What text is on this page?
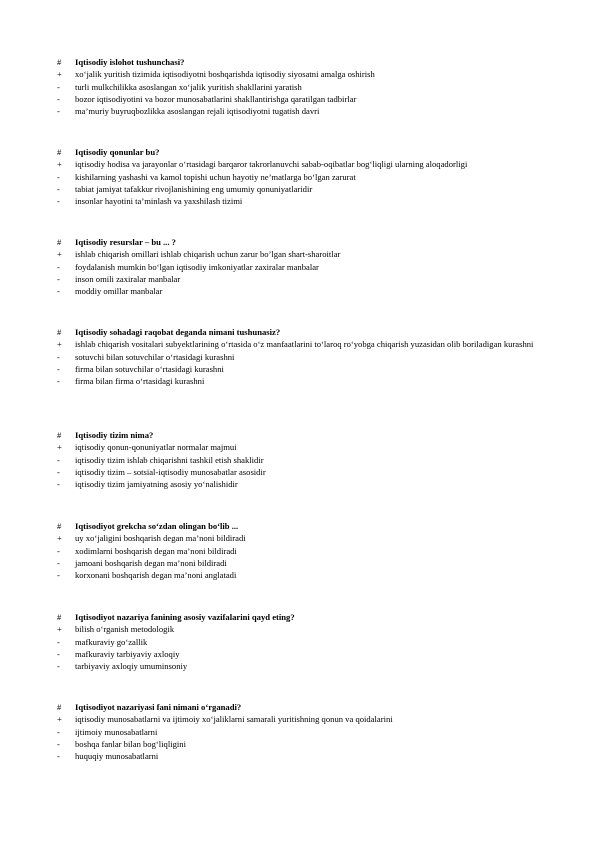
#	Iqtisodiy islohot tushunchasi?
+	xo‘jalik yuritish tizimida iqtisodiyotni boshqarishda iqtisodiy siyosatni amalga oshirish
-	turli mulkchilikka asoslangan xo‘jalik yuritish shakllarini yaratish
-	bozor iqtisodiyotini va bozor munosabatlarini shakllantirishga qaratilgan tadbirlar
-	ma’muriy buyruqbozlikka asoslangan rejali iqtisodiyotni tugatish davri
#	Iqtisodiy qonunlar bu?
+	iqtisodiy hodisa va jarayonlar o‘rtasidagi barqaror takrorlanuvchi sabab-oqibatlar bog‘liqligi ularning aloqadorligi
-	kishilarning yashashi va kamol topishi uchun hayotiy ne’matlarga bo‘lgan zarurat
-	tabiat jamiyat tafakkur rivojlanishining eng umumiy qonuniyatlaridir
-	insonlar hayotini ta’minlash va yaxshilash tizimi
#	Iqtisodiy resurslar – bu ... ?
+	ishlab chiqarish omillari ishlab chiqarish uchun zarur bo’lgan shart-sharoitlar
-	foydalanish mumkin bo‘lgan iqtisodiy imkoniyatlar zaxiralar manbalar
-	inson omili zaxiralar manbalar
-	moddiy omillar manbalar
#	Iqtisodiy sohadagi raqobat deganda nimani tushunasiz?
+	ishlab chiqarish vositalari subyektlarining o‘rtasida o‘z manfaatlarini to‘laroq ro‘yobga chiqarish yuzasidan olib boriladigan kurashni
-	sotuvchi bilan sotuvchilar o‘rtasidagi kurashni
-	firma bilan sotuvchilar o‘rtasidagi kurashni
-	firma bilan firma o‘rtasidagi kurashni
#	Iqtisodiy tizim nima?
+	iqtisodiy qonun-qonuniyatlar normalar majmui
-	iqtisodiy tizim ishlab chiqarishni tashkil etish shaklidir
-	iqtisodiy tizim – sotsial-iqtisodiy munosabatlar asosidir
-	iqtisodiy tizim jamiyatning asosiy yo‘nalishidir
#	Iqtisodiyot grekcha so‘zdan olingan bo‘lib ...
+	uy xo‘jaligini boshqarish degan ma’noni bildiradi
-	xodimlarni boshqarish degan ma’noni bildiradi
-	jamoani boshqarish degan ma’noni bildiradi
-	korxonani boshqarish degan ma’noni anglatadi
#	Iqtisodiyot nazariya fanining asosiy vazifalarini qayd eting?
+	bilish o‘rganish metodologik
-	mafkuraviy go‘zallik
-	mafkuraviy tarbiyaviy axloqiy
-	tarbiyaviy axloqiy umuminsoniy
#	Iqtisodiyot nazariyasi fani nimani o‘rganadi?
+	iqtisodiy munosabatlarni va ijtimoiy xo‘jaliklarni samarali yuritishning qonun va qoidalarini
-	ijtimoiy munosabatlarni
-	boshqa fanlar bilan bog‘liqligini
-	huquqiy munosabatlarni
